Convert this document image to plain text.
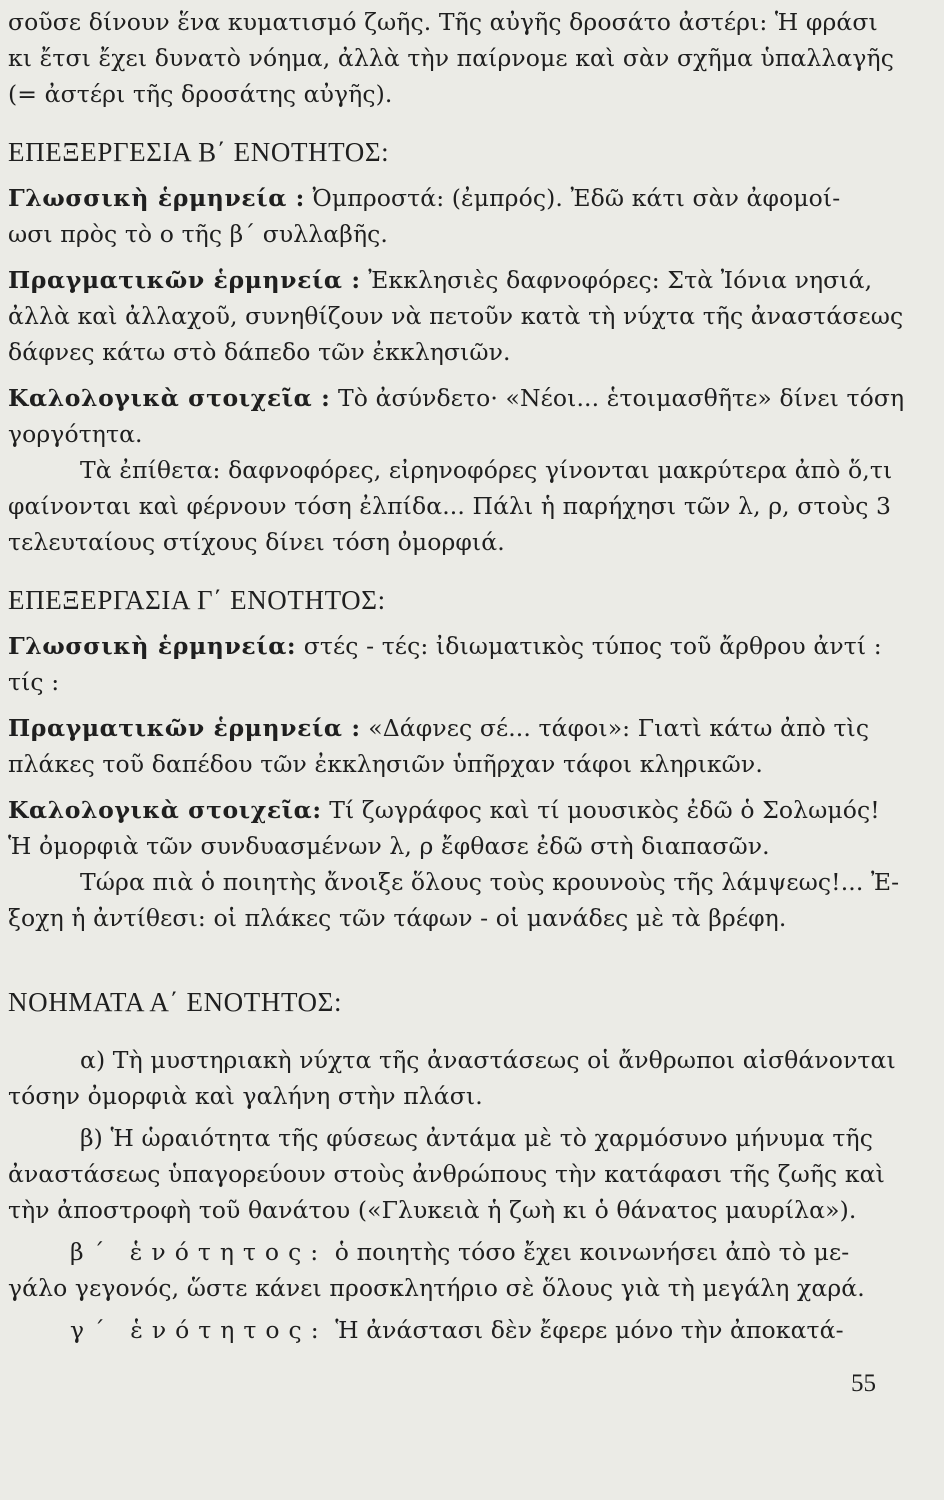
σοῦσε δίνουν ἕνα κυματισμό ζωῆς. Τῆς αὐγῆς δροσάτο ἀστέρι: Ἡ φράσι

κι ἔτσι ἔχει δυνατὸ νόημα, ἀλλὰ τὴν παίρνομε καὶ σὰν σχῆμα ὑπαλλαγῆς

(= ἀστέρι τῆς δροσάτης αὐγῆς).

ΕΠΕΞΕΡΓΕΣΙΑ Β΄ ΕΝΟΤΗΤΟΣ:

Γλωσσικὴ ἑρμηνεία : Ὀμπροστά: (ἐμπρός). Ἐδῶ κάτι σὰν ἀφομοί-

ωσι πρὸς τὸ ο τῆς β΄ συλλαβῆς.

Πραγματικῶν ἑρμηνεία : Ἐκκλησιὲς δαφνοφόρες: Στὰ Ἰόνια νησιά,

ἀλλὰ καὶ ἀλλαχοῦ, συνηθίζουν νὰ πετοῦν κατὰ τὴ νύχτα τῆς ἀναστάσεως

δάφνες κάτω στὸ δάπεδο τῶν ἐκκλησιῶν.

Καλολογικὰ στοιχεῖα : Τὸ ἀσύνδετο· «Νέοι... ἑτοιμασθῆτε» δίνει τόση

γοργότητα.

Τὰ ἐπίθετα: δαφνοφόρες, εἰρηνοφόρες γίνονται μακρύτερα ἀπὸ ὅ,τι

φαίνονται καὶ φέρνουν τόση ἐλπίδα... Πάλι ἡ παρήχησι τῶν λ, ρ, στοὺς 3

τελευταίους στίχους δίνει τόση ὀμορφιά.

ΕΠΕΞΕΡΓΑΣΙΑ Γ΄ ΕΝΟΤΗΤΟΣ:

Γλωσσικὴ ἑρμηνεία: στές - τές: ἰδιωματικὸς τύπος τοῦ ἄρθρου ἀντί :

τίς :

Πραγματικῶν ἑρμηνεία : «Δάφνες σέ... τάφοι»: Γιατὶ κάτω ἀπὸ τὶς

πλάκες τοῦ δαπέδου τῶν ἐκκλησιῶν ὑπῆρχαν τάφοι κληρικῶν.

Καλολογικὰ στοιχεῖα: Τί ζωγράφος καὶ τί μουσικὸς ἐδῶ ὁ Σολωμός!

Ἡ ὀμορφιὰ τῶν συνδυασμένων λ, ρ ἔφθασε ἐδῶ στὴ διαπασῶν.

Τώρα πιὰ ὁ ποιητὴς ἄνοιξε ὅλους τοὺς κρουνοὺς τῆς λάμψεως!... Ἐ-

ξοχη ἡ ἀντίθεσι: οἱ πλάκες τῶν τάφων - οἱ μανάδες μὲ τὰ βρέφη.

ΝΟΗΜΑΤΑ Α΄ ΕΝΟΤΗΤΟΣ:

α) Τὴ μυστηριακὴ νύχτα τῆς ἀναστάσεως οἱ ἄνθρωποι αἰσθάνονται

τόσην ὀμορφιὰ καὶ γαλήνη στὴν πλάσι.

β) Ἡ ὡραιότητα τῆς φύσεως ἀντάμα μὲ τὸ χαρμόσυνο μήνυμα τῆς

ἀναστάσεως ὑπαγορεύουν στοὺς ἀνθρώπους τὴν κατάφασι τῆς ζωῆς καὶ

τὴν ἀποστροφὴ τοῦ θανάτου («Γλυκειὰ ἡ ζωὴ κι ὁ θάνατος μαυρίλα»).

β΄ ἑνότητος: ὁ ποιητὴς τόσο ἔχει κοινωνήσει ἀπὸ τὸ με-

γάλο γεγονός, ὥστε κάνει προσκλητήριο σὲ ὅλους γιὰ τὴ μεγάλη χαρά.

γ΄ ἑνότητος: Ἡ ἀνάστασι δὲν ἔφερε μόνο τὴν ἀποκατά-

55
